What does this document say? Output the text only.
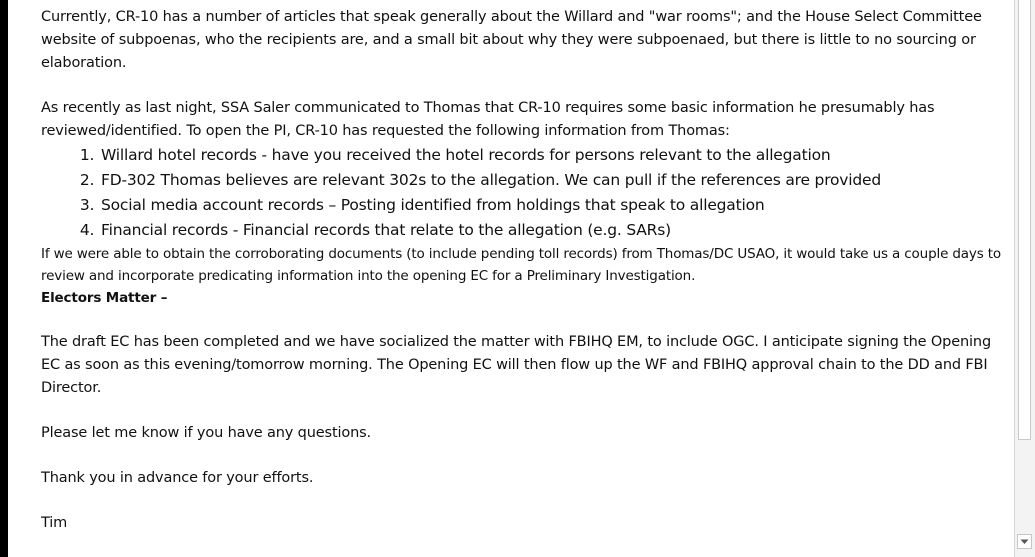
Currently, CR-10 has a number of articles that speak generally about the Willard and "war rooms"; and the House Select Committee website of subpoenas, who the recipients are, and a small bit about why they were subpoenaed, but there is little to no sourcing or elaboration.

As recently as last night, SSA Saler communicated to Thomas that CR-10 requires some basic information he presumably has reviewed/identified. To open the PI, CR-10 has requested the following information from Thomas:

1. Willard hotel records - have you received the hotel records for persons relevant to the allegation
2. FD-302 Thomas believes are relevant 302s to the allegation. We can pull if the references are provided
3. Social media account records – Posting identified from holdings that speak to allegation
4. Financial records - Financial records that relate to the allegation (e.g. SARs)

If we were able to obtain the corroborating documents (to include pending toll records) from Thomas/DC USAO, it would take us a couple days to review and incorporate predicating information into the opening EC for a Preliminary Investigation.

Electors Matter –

The draft EC has been completed and we have socialized the matter with FBIHQ EM, to include OGC. I anticipate signing the Opening EC as soon as this evening/tomorrow morning. The Opening EC will then flow up the WF and FBIHQ approval chain to the DD and FBI Director.

Please let me know if you have any questions.

Thank you in advance for your efforts.

Tim
